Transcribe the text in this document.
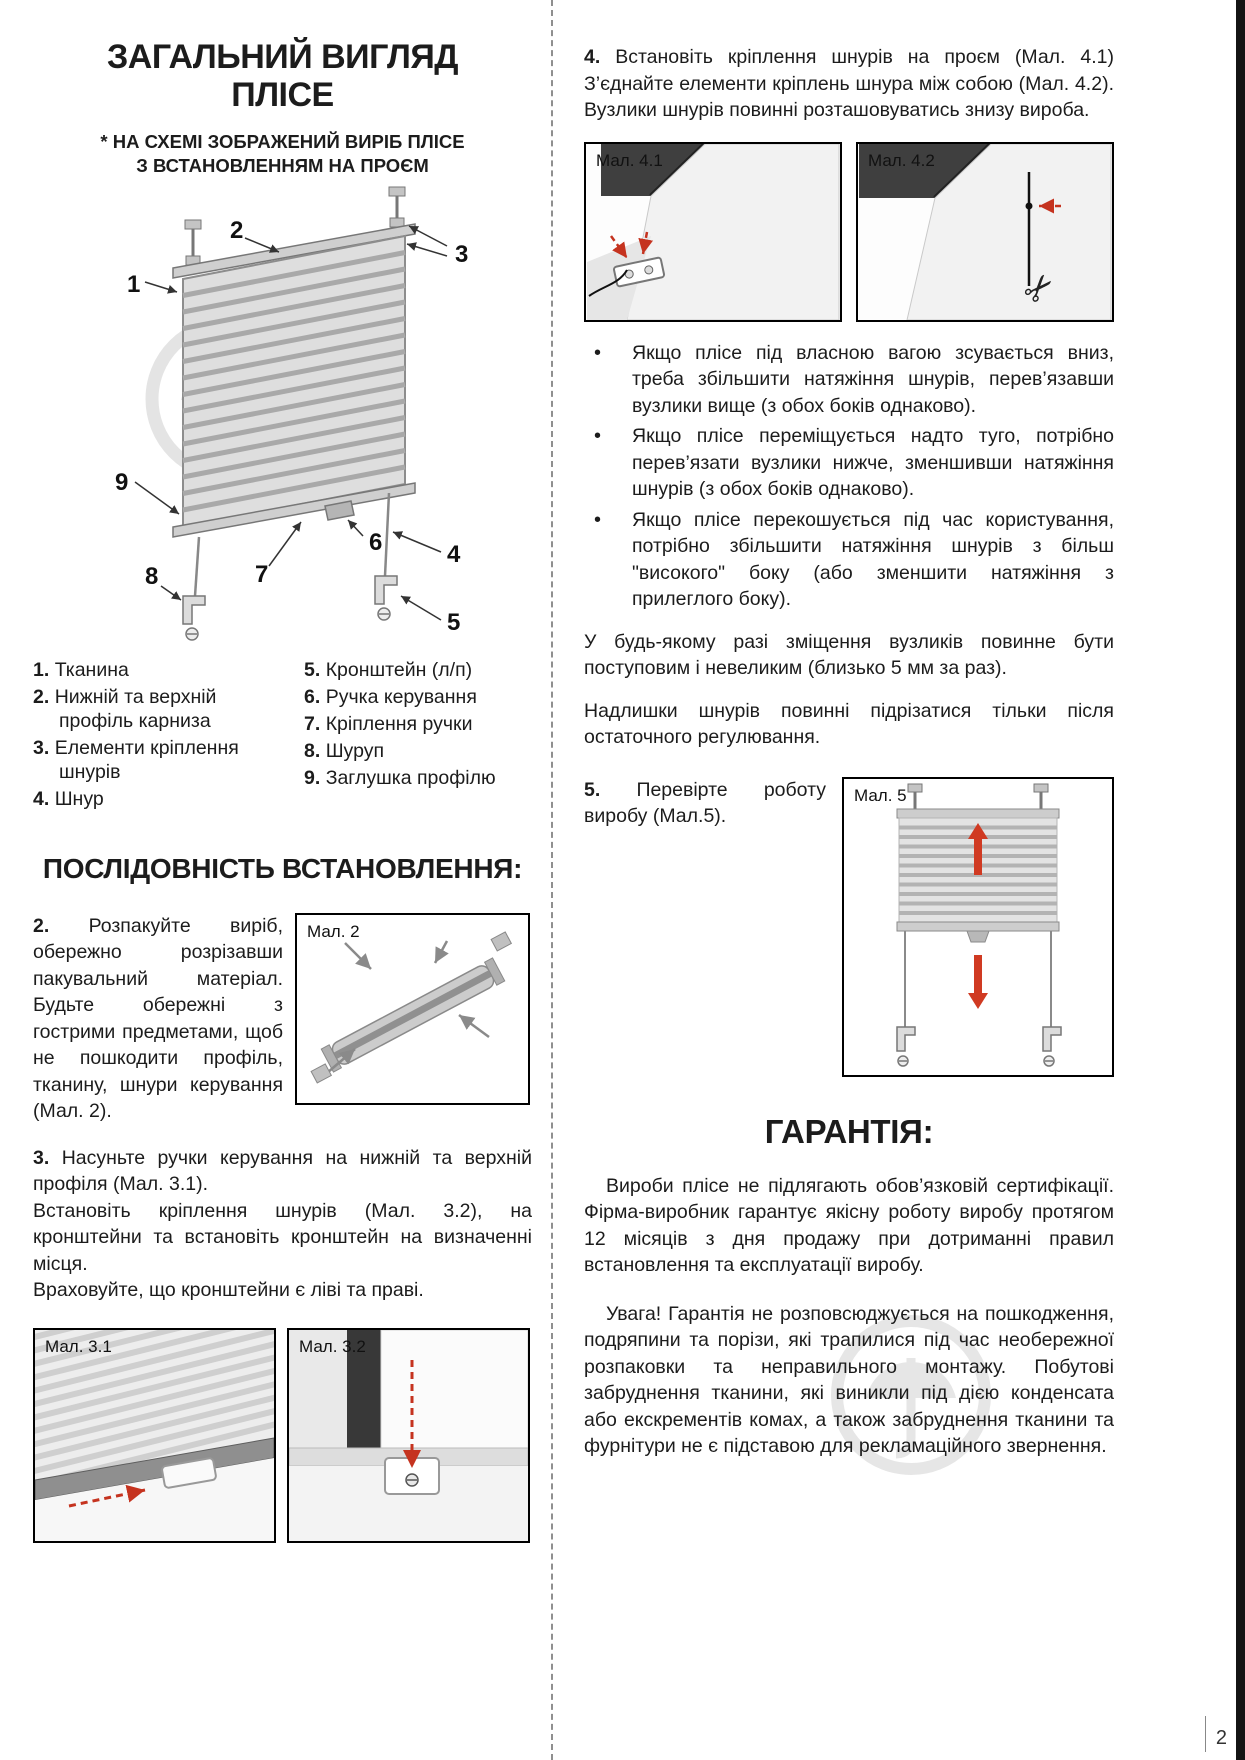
ЗАГАЛЬНИЙ ВИГЛЯД
ПЛІСЕ
* НА СХЕМІ ЗОБРАЖЕНИЙ ВИРІБ ПЛІСЕ
З ВСТАНОВЛЕННЯМ НА ПРОЄМ
1
2
3
4
5
6
7
8
9
1. Тканина
2. Нижній та верхній профіль карниза
3. Елементи кріплення шнурів
4. Шнур
5. Кронштейн (л/п)
6. Ручка керування
7. Кріплення ручки
8. Шуруп
9. Заглушка профілю
ПОСЛІДОВНІСТЬ ВСТАНОВЛЕННЯ:

2. Розпакуйте виріб, обережно розрізавши пакувальний матеріал. Будьте обережні з гострими предметами, щоб не пошкодити профіль, тканину, шнури керування (Мал. 2).

Мал. 2

3. Насуньте ручки керування на нижній та верхній профіля (Мал. 3.1).
Встановіть кріплення шнурів (Мал. 3.2), на кронштейни та встановіть кронштейн на визначенні місця.
Враховуйте, що кронштейни є ліві та праві.

Мал. 3.1	Мал. 3.2

4. Встановіть кріплення шнурів на проєм (Мал. 4.1) З’єднайте елементи кріплень шнура між собою (Мал. 4.2). Вузлики шнурів повинні розташовуватись знизу вироба.

Мал. 4.1	Мал. 4.2
✂
• Якщо плісе під власною вагою зсувається вниз, треба збільшити натяжіння шнурів, перев’язавши вузлики вище (з обох боків однаково).
• Якщо плісе переміщується надто туго, потрібно перев’язати вузлики нижче, зменшивши натяжіння шнурів (з обох боків однаково).
• Якщо плісе перекошується під час користування, потрібно збільшити натяжіння шнурів з більш "високого" боку (або зменшити натяжіння з прилеглого боку).

У будь-якому разі зміщення вузликів повинне бути поступовим і невеликим (близько 5 мм за раз).

Надлишки шнурів повинні підрізатися тільки після остаточного регулювання.

5. Перевірте роботу виробу (Мал.5).

Мал. 5
ГАРАНТІЯ:

Вироби плісе не підлягають обов’язковій сертифікації. Фірма-виробник гарантує якісну роботу виробу протягом 12 місяців з дня продажу при дотриманні правил встановлення та експлуатації виробу.

Увага! Гарантія не розповсюджується на пошкодження, подряпини та порізи, які трапилися під час необережної розпаковки та неправильного монтажу. Побутові забруднення тканини, які виникли під дією конденсата або екскрементів комах, а також забруднення тканини та фурнітури не є підставою для рекламаційного звернення.

2
